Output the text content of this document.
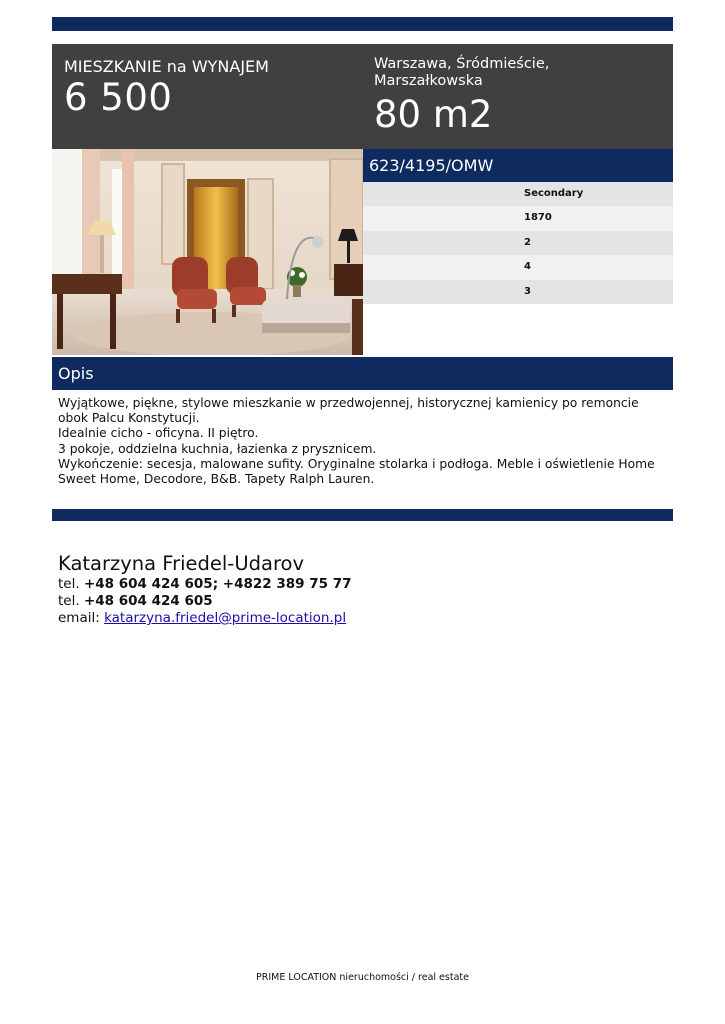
MIESZKANIE na WYNAJEM
6 500
Warszawa, Śródmieście, Marszałkowska
80 m2
623/4195/OMW
Secondary
1870
2
4
3
Opis

Wyjątkowe, piękne, stylowe mieszkanie w przedwojennej, historycznej kamienicy po remoncie obok Palcu Konstytucji.

Idealnie cicho - oficyna. II piętro.

3 pokoje, oddzielna kuchnia, łazienka z prysznicem.

Wykończenie: secesja, malowane sufity. Oryginalne stolarka i podłoga. Meble i oświetlenie Home Sweet Home, Decodore, B&B. Tapety Ralph Lauren.

Katarzyna Friedel-Udarov
tel. +48 604 424 605; +4822 389 75 77
tel. +48 604 424 605
email: katarzyna.friedel@prime-location.pl
PRIME LOCATION nieruchomości / real estate
